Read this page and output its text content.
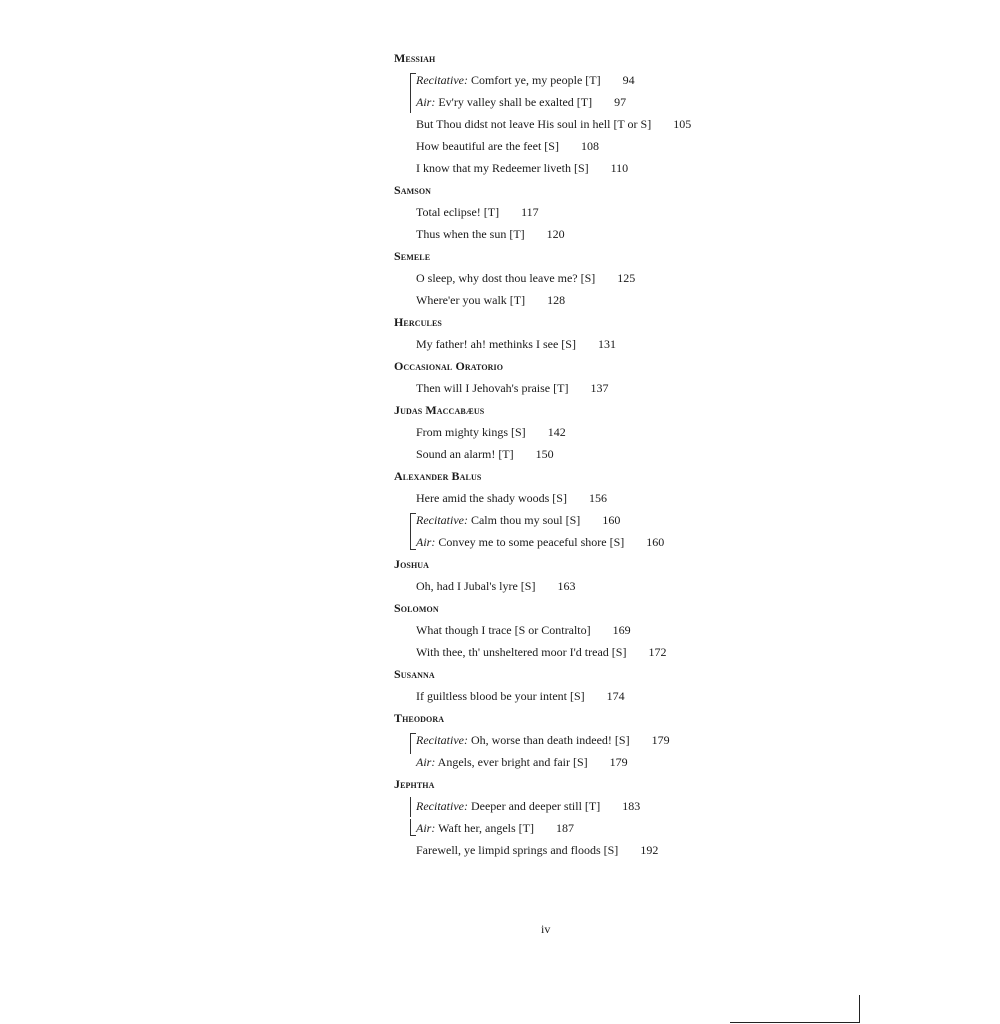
Messiah
Recitative: Comfort ye, my people [T] 94
Air: Ev'ry valley shall be exalted [T] 97
But Thou didst not leave His soul in hell [T or S] 105
How beautiful are the feet [S] 108
I know that my Redeemer liveth [S] 110
Samson
Total eclipse! [T] 117
Thus when the sun [T] 120
Semele
O sleep, why dost thou leave me? [S] 125
Where'er you walk [T] 128
Hercules
My father! ah! methinks I see [S] 131
Occasional Oratorio
Then will I Jehovah's praise [T] 137
Judas Maccabæus
From mighty kings [S] 142
Sound an alarm! [T] 150
Alexander Balus
Here amid the shady woods [S] 156
Recitative: Calm thou my soul [S] 160
Air: Convey me to some peaceful shore [S] 160
Joshua
Oh, had I Jubal's lyre [S] 163
Solomon
What though I trace [S or Contralto] 169
With thee, th' unsheltered moor I'd tread [S] 172
Susanna
If guiltless blood be your intent [S] 174
Theodora
Recitative: Oh, worse than death indeed! [S] 179
Air: Angels, ever bright and fair [S] 179
Jephtha
Recitative: Deeper and deeper still [T] 183
Air: Waft her, angels [T] 187
Farewell, ye limpid springs and floods [S] 192
iv
